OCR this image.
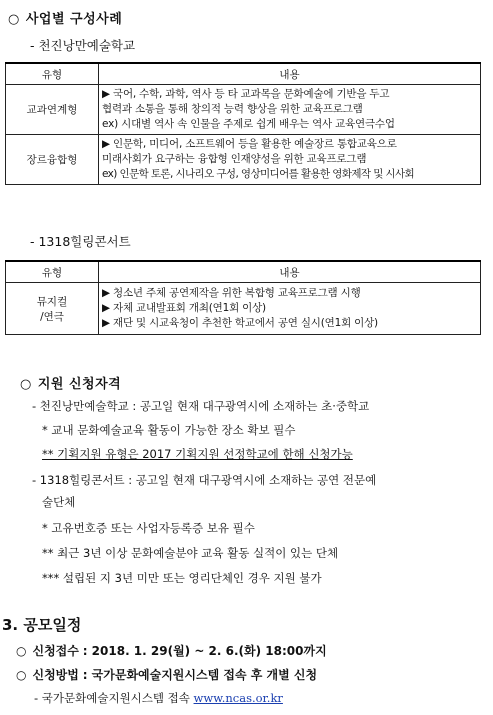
○ 사업별 구성사례
- 천진낭만예술학교
유형	내용
교과연계형	▶ 국어, 수학, 과학, 역사 등 타 교과목을 문화예술에 기반을 두고
협력과 소통을 통해 창의적 능력 향상을 위한 교육프로그램
ex) 시대별 역사 속 인물을 주제로 쉽게 배우는 역사 교육연극수업

장르융합형	▶ 인문학, 미디어, 소프트웨어 등을 활용한 예술장르 통합교육으로
미래사회가 요구하는 융합형 인재양성을 위한 교육프로그램
ex) 인문학 토론, 시나리오 구성, 영상미디어를 활용한 영화제작 및 시사회
- 1318힐링콘서트
유형	내용

뮤지컬
/연극	▶ 청소년 주체 공연제작을 위한 복합형 교육프로그램 시행
▶ 자체 교내발표회 개최(연1회 이상)
▶ 재단 및 시교육청이 추천한 학교에서 공연 실시(연1회 이상)
○ 지원 신청자격
- 천진낭만예술학교 : 공고일 현재 대구광역시에 소재하는 초·중학교
* 교내 문화예술교육 활동이 가능한 장소 확보 필수
** 기획지원 유형은 2017 기획지원 선정학교에 한해 신청가능
- 1318힐링콘서트 : 공고일 현재 대구광역시에 소재하는 공연 전문예
술단체
* 고유번호증 또는 사업자등록증 보유 필수
** 최근 3년 이상 문화예술분야 교육 활동 실적이 있는 단체
*** 설립된 지 3년 미만 또는 영리단체인 경우 지원 불가
3. 공모일정
○ 신청접수 : 2018. 1. 29(월) ~ 2. 6.(화) 18:00까지
○ 신청방법 : 국가문화예술지원시스템 접속 후 개별 신청
- 국가문화예술지원시스템 접속 www.ncas.or.kr
